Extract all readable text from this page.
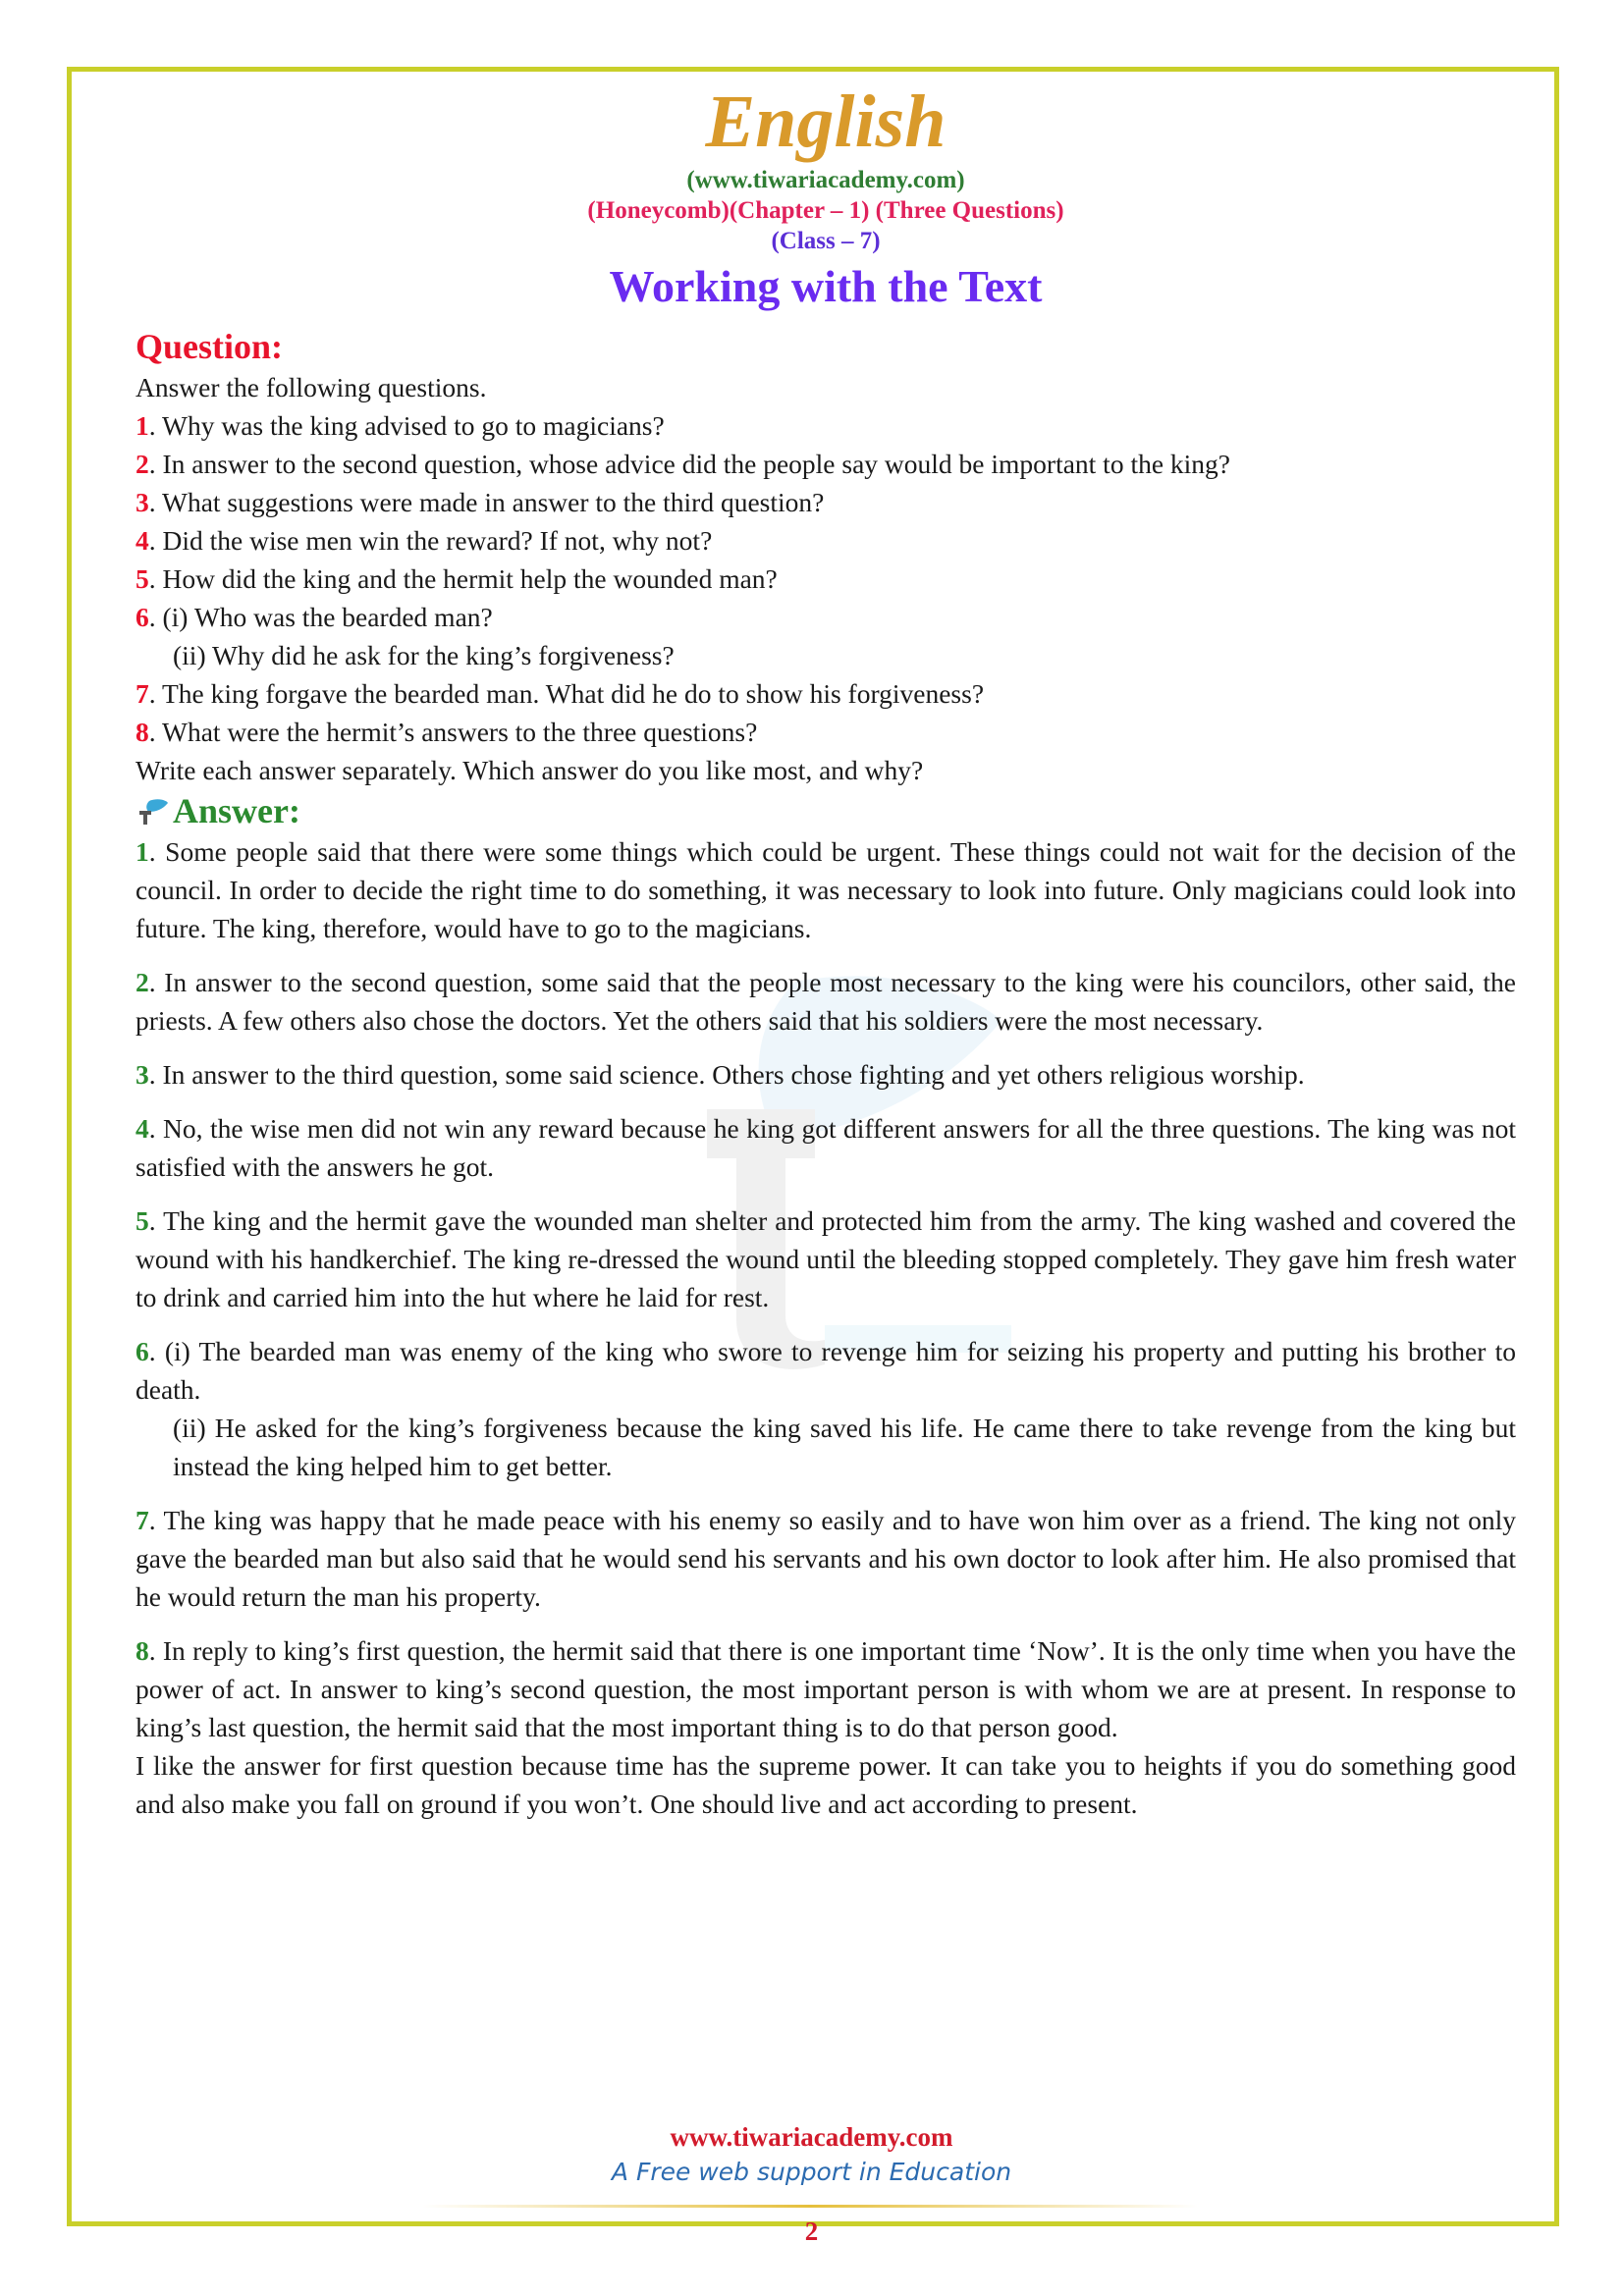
English
(www.tiwariacademy.com)
(Honeycomb)(Chapter – 1) (Three Questions)
(Class – 7)
Working with the Text
Question:
Answer the following questions.
1. Why was the king advised to go to magicians?
2. In answer to the second question, whose advice did the people say would be important to the king?
3. What suggestions were made in answer to the third question?
4. Did the wise men win the reward? If not, why not?
5. How did the king and the hermit help the wounded man?
6. (i) Who was the bearded man?
(ii) Why did he ask for the king’s forgiveness?
7. The king forgave the bearded man. What did he do to show his forgiveness?
8. What were the hermit’s answers to the three questions?
Write each answer separately. Which answer do you like most, and why?
Answer:
1. Some people said that there were some things which could be urgent. These things could not wait for the decision of the council. In order to decide the right time to do something, it was necessary to look into future. Only magicians could look into future. The king, therefore, would have to go to the magicians.
2. In answer to the second question, some said that the people most necessary to the king were his councilors, other said, the priests. A few others also chose the doctors. Yet the others said that his soldiers were the most necessary.
3. In answer to the third question, some said science. Others chose fighting and yet others religious worship.
4. No, the wise men did not win any reward because he king got different answers for all the three questions. The king was not satisfied with the answers he got.
5. The king and the hermit gave the wounded man shelter and protected him from the army. The king washed and covered the wound with his handkerchief. The king re-dressed the wound until the bleeding stopped completely. They gave him fresh water to drink and carried him into the hut where he laid for rest.

6. (i) The bearded man was enemy of the king who swore to revenge him for seizing his property and putting his brother to death.

(ii) He asked for the king’s forgiveness because the king saved his life. He came there to take revenge from the king but instead the king helped him to get better.

7. The king was happy that he made peace with his enemy so easily and to have won him over as a friend. The king not only gave the bearded man but also said that he would send his servants and his own doctor to look after him. He also promised that he would return the man his property.

8. In reply to king’s first question, the hermit said that there is one important time ‘Now’. It is the only time when you have the power of act. In answer to king’s second question, the most important person is with whom we are at present. In response to king’s last question, the hermit said that the most important thing is to do that person good.

I like the answer for first question because time has the supreme power. It can take you to heights if you do something good and also make you fall on ground if you won’t. One should live and act according to present.

www.tiwariacademy.com
A Free web support in Education
2
